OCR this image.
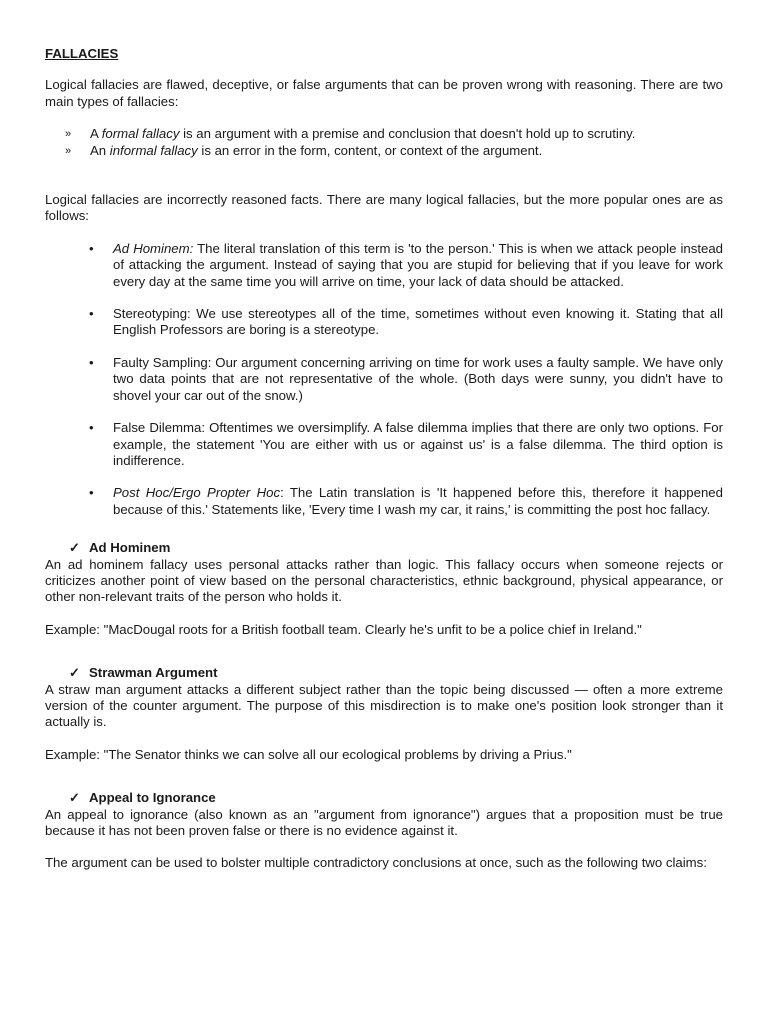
FALLACIES

Logical fallacies are flawed, deceptive, or false arguments that can be proven wrong with reasoning. There are two main types of fallacies:

» A formal fallacy is an argument with a premise and conclusion that doesn't hold up to scrutiny.
» An informal fallacy is an error in the form, content, or context of the argument.

Logical fallacies are incorrectly reasoned facts. There are many logical fallacies, but the more popular ones are as follows:

• Ad Hominem: The literal translation of this term is 'to the person.' This is when we attack people instead of attacking the argument. Instead of saying that you are stupid for believing that if you leave for work every day at the same time you will arrive on time, your lack of data should be attacked.
• Stereotyping: We use stereotypes all of the time, sometimes without even knowing it. Stating that all English Professors are boring is a stereotype.
• Faulty Sampling: Our argument concerning arriving on time for work uses a faulty sample. We have only two data points that are not representative of the whole. (Both days were sunny, you didn't have to shovel your car out of the snow.)
• False Dilemma: Oftentimes we oversimplify. A false dilemma implies that there are only two options. For example, the statement 'You are either with us or against us' is a false dilemma. The third option is indifference.
• Post Hoc/Ergo Propter Hoc: The Latin translation is 'It happened before this, therefore it happened because of this.' Statements like, 'Every time I wash my car, it rains,' is committing the post hoc fallacy.

✓ Ad Hominem

An ad hominem fallacy uses personal attacks rather than logic. This fallacy occurs when someone rejects or criticizes another point of view based on the personal characteristics, ethnic background, physical appearance, or other non-relevant traits of the person who holds it.

Example: "MacDougal roots for a British football team. Clearly he's unfit to be a police chief in Ireland."

✓ Strawman Argument

A straw man argument attacks a different subject rather than the topic being discussed — often a more extreme version of the counter argument. The purpose of this misdirection is to make one's position look stronger than it actually is.

Example: "The Senator thinks we can solve all our ecological problems by driving a Prius."

✓ Appeal to Ignorance

An appeal to ignorance (also known as an "argument from ignorance") argues that a proposition must be true because it has not been proven false or there is no evidence against it.

The argument can be used to bolster multiple contradictory conclusions at once, such as the following two claims:
